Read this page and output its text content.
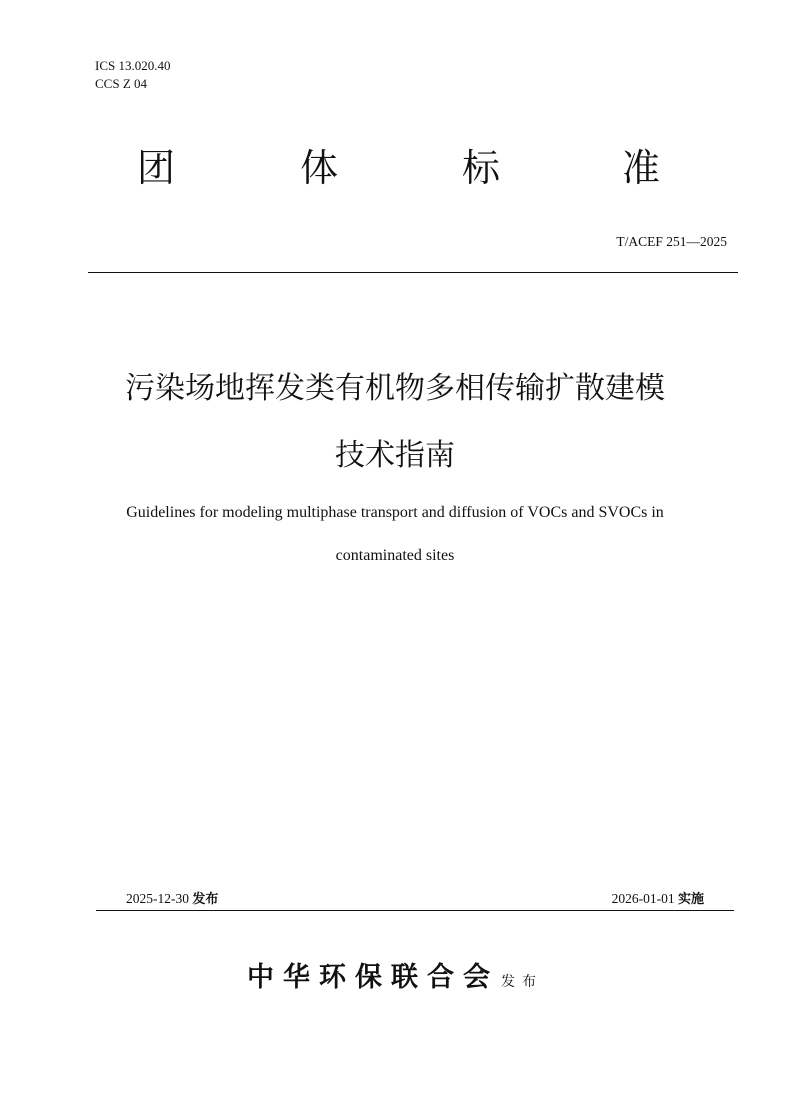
ICS 13.020.40
CCS Z 04
团	体	标	准
T/ACEF 251—2025
污染场地挥发类有机物多相传输扩散建模
技术指南
Guidelines for modeling multiphase transport and diffusion of VOCs and SVOCs in
contaminated sites
2025-12-30 发布	2026-01-01 实施
中华环保联合会 发布
